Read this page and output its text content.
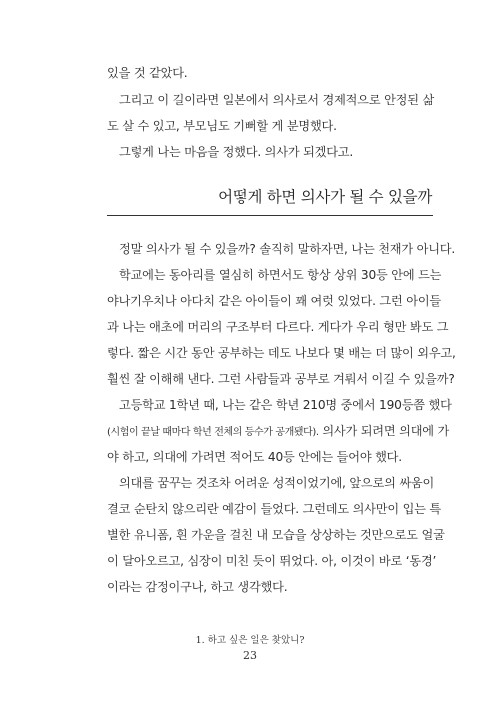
있을 것 같았다.
그리고 이 길이라면 일본에서 의사로서 경제적으로 안정된 삶
도 살 수 있고, 부모님도 기뻐할 게 분명했다.
그렇게 나는 마음을 정했다. 의사가 되겠다고.
어떻게 하면 의사가 될 수 있을까
정말 의사가 될 수 있을까? 솔직히 말하자면, 나는 천재가 아니다.
학교에는 동아리를 열심히 하면서도 항상 상위 30등 안에 드는
야나기우치나 아다치 같은 아이들이 꽤 여럿 있었다. 그런 아이들
과 나는 애초에 머리의 구조부터 다르다. 게다가 우리 형만 봐도 그
렇다. 짧은 시간 동안 공부하는 데도 나보다 몇 배는 더 많이 외우고,
훨씬 잘 이해해 낸다. 그런 사람들과 공부로 겨뤄서 이길 수 있을까?
고등학교 1학년 때, 나는 같은 학년 210명 중에서 190등쯤 했다
(시험이 끝날 때마다 학년 전체의 등수가 공개됐다). 의사가 되려면 의대에 가
야 하고, 의대에 가려면 적어도 40등 안에는 들어야 했다.
의대를 꿈꾸는 것조차 어려운 성적이었기에, 앞으로의 싸움이
결코 순탄치 않으리란 예감이 들었다. 그런데도 의사만이 입는 특
별한 유니폼, 흰 가운을 걸친 내 모습을 상상하는 것만으로도 얼굴
이 달아오르고, 심장이 미친 듯이 뛰었다. 아, 이것이 바로 ‘동경’
이라는 감정이구나, 하고 생각했다.
1. 하고 싶은 일은 찾았니?
23
